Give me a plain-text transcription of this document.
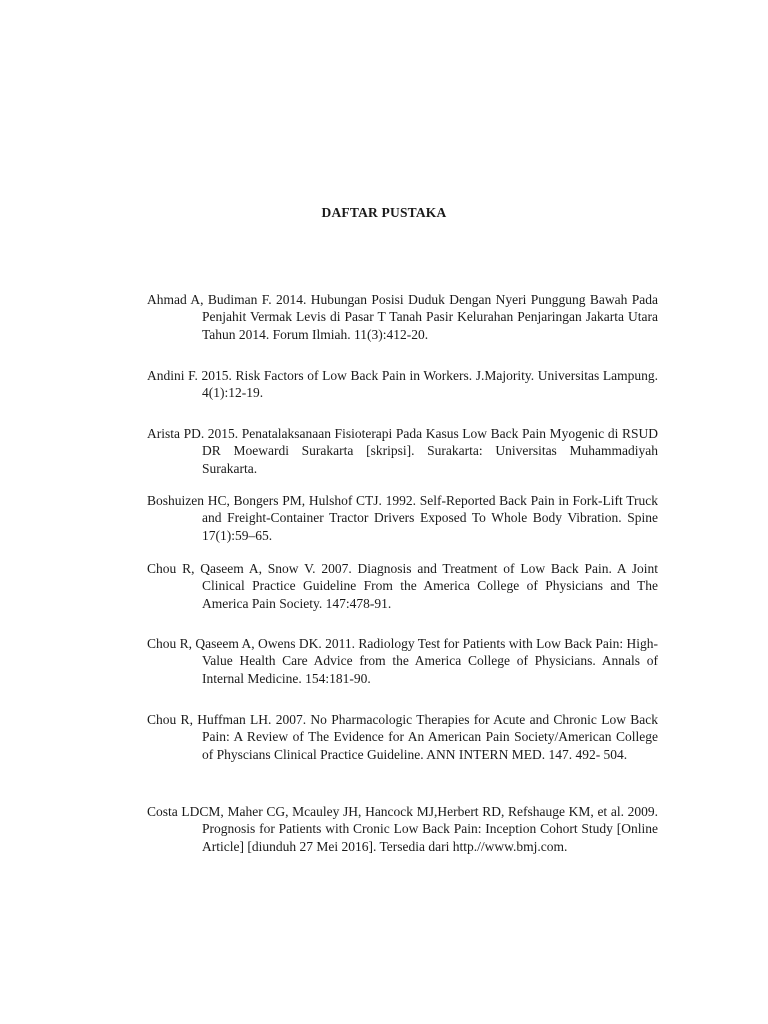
DAFTAR PUSTAKA

Ahmad A, Budiman F. 2014. Hubungan Posisi Duduk Dengan Nyeri Punggung Bawah Pada Penjahit Vermak Levis di Pasar T Tanah Pasir Kelurahan Penjaringan Jakarta Utara Tahun 2014. Forum Ilmiah. 11(3):412-20.

Andini F. 2015. Risk Factors of Low Back Pain in Workers. J.Majority. Universitas Lampung. 4(1):12-19.

Arista PD. 2015. Penatalaksanaan Fisioterapi Pada Kasus Low Back Pain Myogenic di RSUD DR Moewardi Surakarta [skripsi]. Surakarta: Universitas Muhammadiyah Surakarta.

Boshuizen HC, Bongers PM, Hulshof CTJ. 1992. Self-Reported Back Pain in Fork-Lift Truck and Freight-Container Tractor Drivers Exposed To Whole Body Vibration. Spine 17(1):59–65.

Chou R, Qaseem A, Snow V. 2007. Diagnosis and Treatment of Low Back Pain. A Joint Clinical Practice Guideline From the America College of Physicians and The America Pain Society. 147:478-91.

Chou R, Qaseem A, Owens DK. 2011. Radiology Test for Patients with Low Back Pain: High-Value Health Care Advice from the America College of Physicians. Annals of Internal Medicine. 154:181-90.

Chou R, Huffman LH. 2007. No Pharmacologic Therapies for Acute and Chronic Low Back Pain: A Review of The Evidence for An American Pain Society/American College of Physcians Clinical Practice Guideline. ANN INTERN MED. 147. 492- 504.

Costa LDCM, Maher CG, Mcauley JH, Hancock MJ,Herbert RD, Refshauge KM, et al. 2009. Prognosis for Patients with Cronic Low Back Pain: Inception Cohort Study [Online Article] [diunduh 27 Mei 2016]. Tersedia dari http.//www.bmj.com.
